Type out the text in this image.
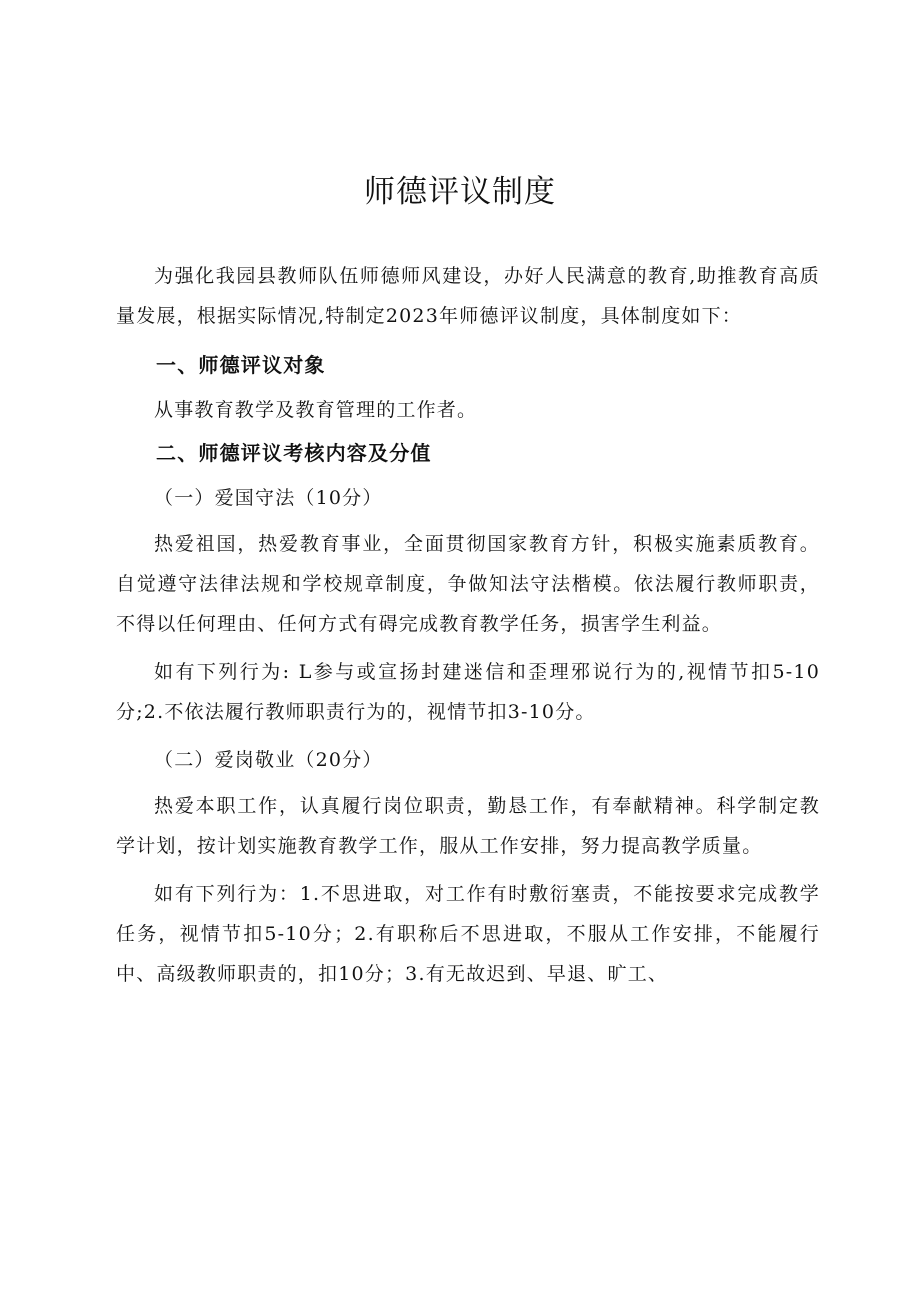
师德评议制度

为强化我园县教师队伍师德师风建设，办好人民满意的教育,助推教育高质量发展，根据实际情况,特制定2023年师德评议制度，具体制度如下：

一、师德评议对象

从事教育教学及教育管理的工作者。

二、师德评议考核内容及分值

（一）爱国守法（10分）

热爱祖国，热爱教育事业，全面贯彻国家教育方针，积极实施素质教育。自觉遵守法律法规和学校规章制度，争做知法守法楷模。依法履行教师职责，不得以任何理由、任何方式有碍完成教育教学任务，损害学生利益。

如有下列行为: L参与或宣扬封建迷信和歪理邪说行为的,视情节扣5-10分;2.不依法履行教师职责行为的，视情节扣3-10分。

（二）爱岗敬业（20分）

热爱本职工作，认真履行岗位职责，勤恳工作，有奉献精神。科学制定教学计划，按计划实施教育教学工作，服从工作安排，努力提高教学质量。

如有下列行为：1.不思进取，对工作有时敷衍塞责，不能按要求完成教学任务，视情节扣5-10分；2.有职称后不思进取，不服从工作安排，不能履行中、高级教师职责的，扣10分；3.有无故迟到、早退、旷工、
